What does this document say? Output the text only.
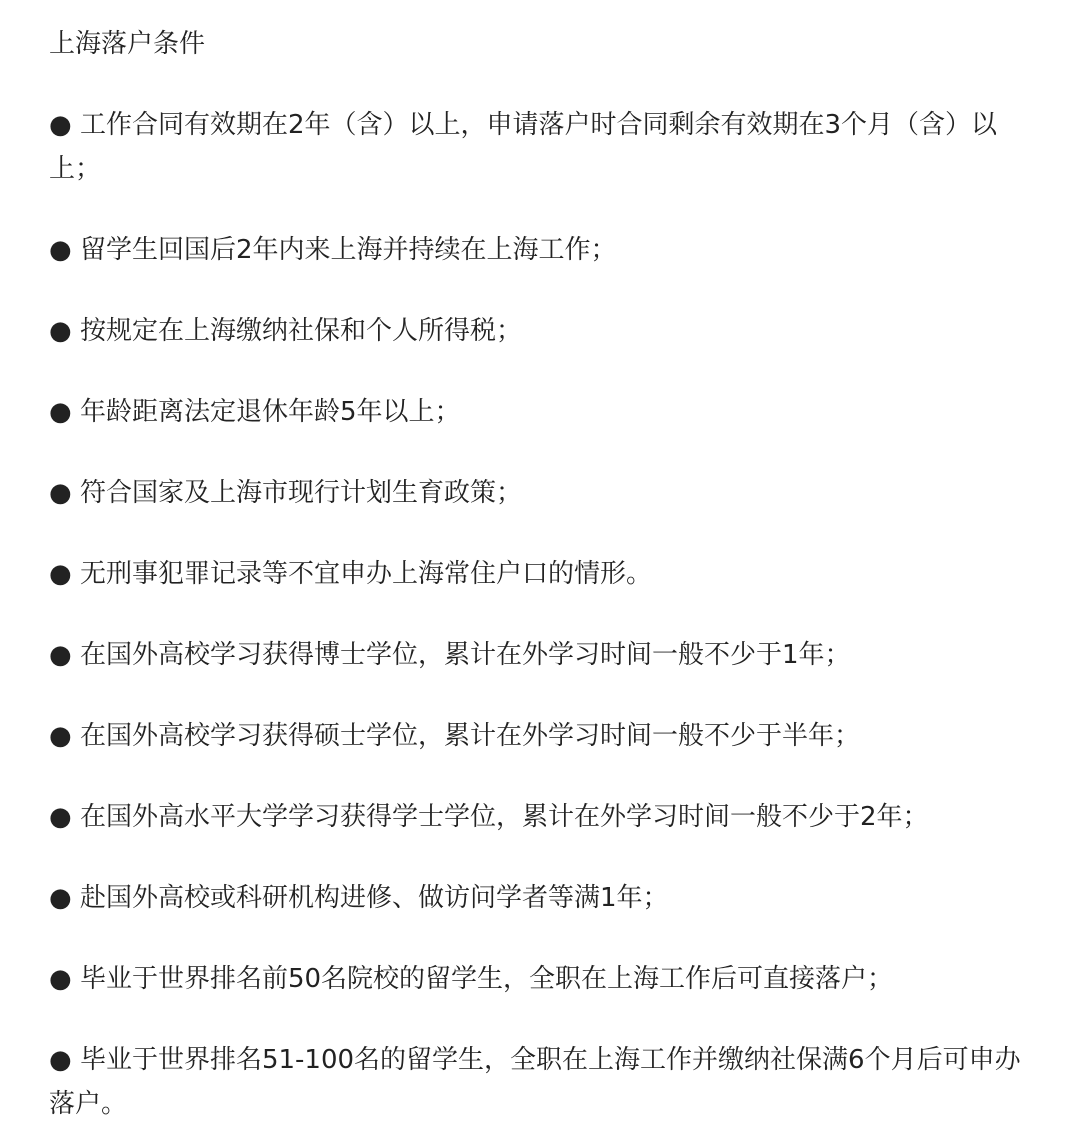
上海落户条件

● 工作合同有效期在2年（含）以上，申请落户时合同剩余有效期在3个月（含）以上；

● 留学生回国后2年内来上海并持续在上海工作；

● 按规定在上海缴纳社保和个人所得税；

● 年龄距离法定退休年龄5年以上；

● 符合国家及上海市现行计划生育政策；

● 无刑事犯罪记录等不宜申办上海常住户口的情形。

● 在国外高校学习获得博士学位，累计在外学习时间一般不少于1年；

● 在国外高校学习获得硕士学位，累计在外学习时间一般不少于半年；

● 在国外高水平大学学习获得学士学位，累计在外学习时间一般不少于2年；

● 赴国外高校或科研机构进修、做访问学者等满1年；

● 毕业于世界排名前50名院校的留学生，全职在上海工作后可直接落户；

● 毕业于世界排名51-100名的留学生，全职在上海工作并缴纳社保满6个月后可申办落户。
